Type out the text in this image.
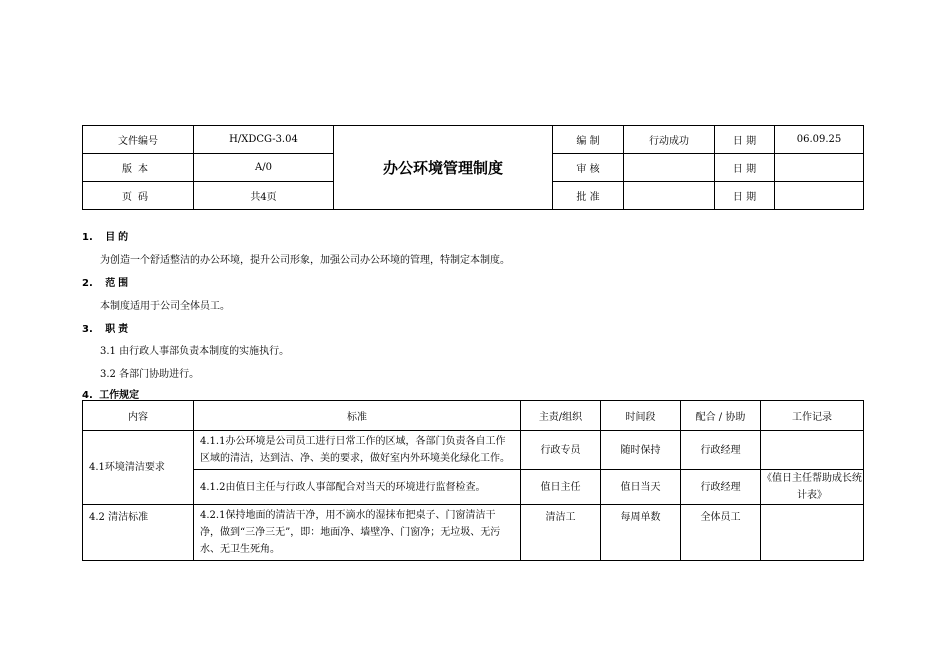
文件编号	H/XDCG-3.04	办公环境管理制度	编 制	行动成功	日 期	06.09.25
版本	A/0		审 核		日 期	
页码	共4页		批 准		日 期	
1. 目的
为创造一个舒适整洁的办公环境，提升公司形象，加强公司办公环境的管理，特制定本制度。
2. 范围
本制度适用于公司全体员工。
3. 职责
3.1 由行政人事部负责本制度的实施执行。
3.2 各部门协助进行。
4. 工作规定
内容	标准	主责/组织	时间段	配合 / 协助	工作记录
4.1环境清洁要求	4.1.1办公环境是公司员工进行日常工作的区域，各部门负责各自工作区域的清洁，达到洁、净、美的要求，做好室内外环境美化绿化工作。	行政专员	随时保持	行政经理	
	4.1.2由值日主任与行政人事部配合对当天的环境进行监督检查。	值日主任	值日当天	行政经理	《值日主任帮助成长统计表》
4.2 清洁标准	4.2.1保持地面的清洁干净，用不滴水的湿抹布把桌子、门窗清洁干净，做到“三净三无”，即：地面净、墙壁净、门窗净；无垃圾、无污水、无卫生死角。	清洁工	每周单数	全体员工	
